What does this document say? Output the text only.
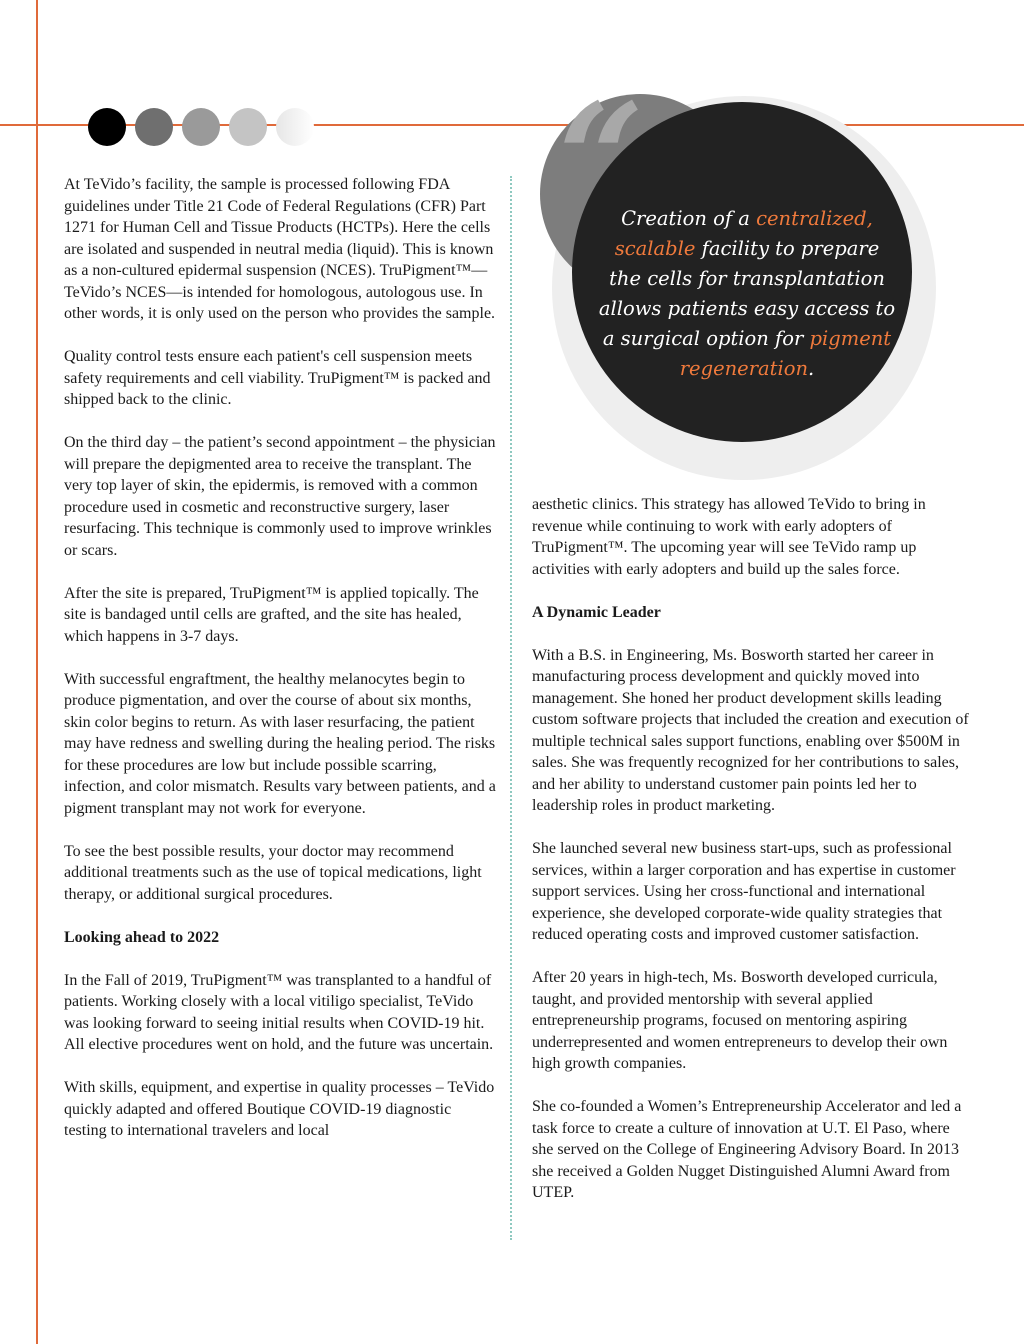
At TeVido’s facility, the sample is processed following FDA guidelines under Title 21 Code of Federal Regulations (CFR) Part 1271 for Human Cell and Tissue Products (HCTPs). Here the cells are isolated and suspended in neutral media (liquid). This is known as a non-cultured epidermal suspension (NCES). TruPigment™—TeVido’s NCES—is intended for homologous, autologous use. In other words, it is only used on the person who provides the sample.

Quality control tests ensure each patient's cell suspension meets safety requirements and cell viability. TruPigment™ is packed and shipped back to the clinic.

On the third day – the patient’s second appointment – the physician will prepare the depigmented area to receive the transplant. The very top layer of skin, the epidermis, is removed with a common procedure used in cosmetic and reconstructive surgery, laser resurfacing. This technique is commonly used to improve wrinkles or scars.

After the site is prepared, TruPigment™ is applied topically. The site is bandaged until cells are grafted, and the site has healed, which happens in 3-7 days.

With successful engraftment, the healthy melanocytes begin to produce pigmentation, and over the course of about six months, skin color begins to return. As with laser resurfacing, the patient may have redness and swelling during the healing period. The risks for these procedures are low but include possible scarring, infection, and color mismatch. Results vary between patients, and a pigment transplant may not work for everyone.

To see the best possible results, your doctor may recommend additional treatments such as the use of topical medications, light therapy, or additional surgical procedures.

Looking ahead to 2022

In the Fall of 2019, TruPigment™ was transplanted to a handful of patients. Working closely with a local vitiligo specialist, TeVido was looking forward to seeing initial results when COVID-19 hit. All elective procedures went on hold, and the future was uncertain.

With skills, equipment, and expertise in quality processes – TeVido quickly adapted and offered Boutique COVID-19 diagnostic testing to international travelers and local

“
Creation of a centralized, scalable facility to prepare the cells for transplantation allows patients easy access to a surgical option for pigment regeneration.

aesthetic clinics. This strategy has allowed TeVido to bring in revenue while continuing to work with early adopters of TruPigment™. The upcoming year will see TeVido ramp up activities with early adopters and build up the sales force.

A Dynamic Leader

With a B.S. in Engineering, Ms. Bosworth started her career in manufacturing process development and quickly moved into management. She honed her product development skills leading custom software projects that included the creation and execution of multiple technical sales support functions, enabling over $500M in sales. She was frequently recognized for her contributions to sales, and her ability to understand customer pain points led her to leadership roles in product marketing.

She launched several new business start-ups, such as professional services, within a larger corporation and has expertise in customer support services. Using her cross-functional and international experience, she developed corporate-wide quality strategies that reduced operating costs and improved customer satisfaction.

After 20 years in high-tech, Ms. Bosworth developed curricula, taught, and provided mentorship with several applied entrepreneurship programs, focused on mentoring aspiring underrepresented and women entrepreneurs to develop their own high growth companies.

She co-founded a Women’s Entrepreneurship Accelerator and led a task force to create a culture of innovation at U.T. El Paso, where she served on the College of Engineering Advisory Board. In 2013 she received a Golden Nugget Distinguished Alumni Award from UTEP.
